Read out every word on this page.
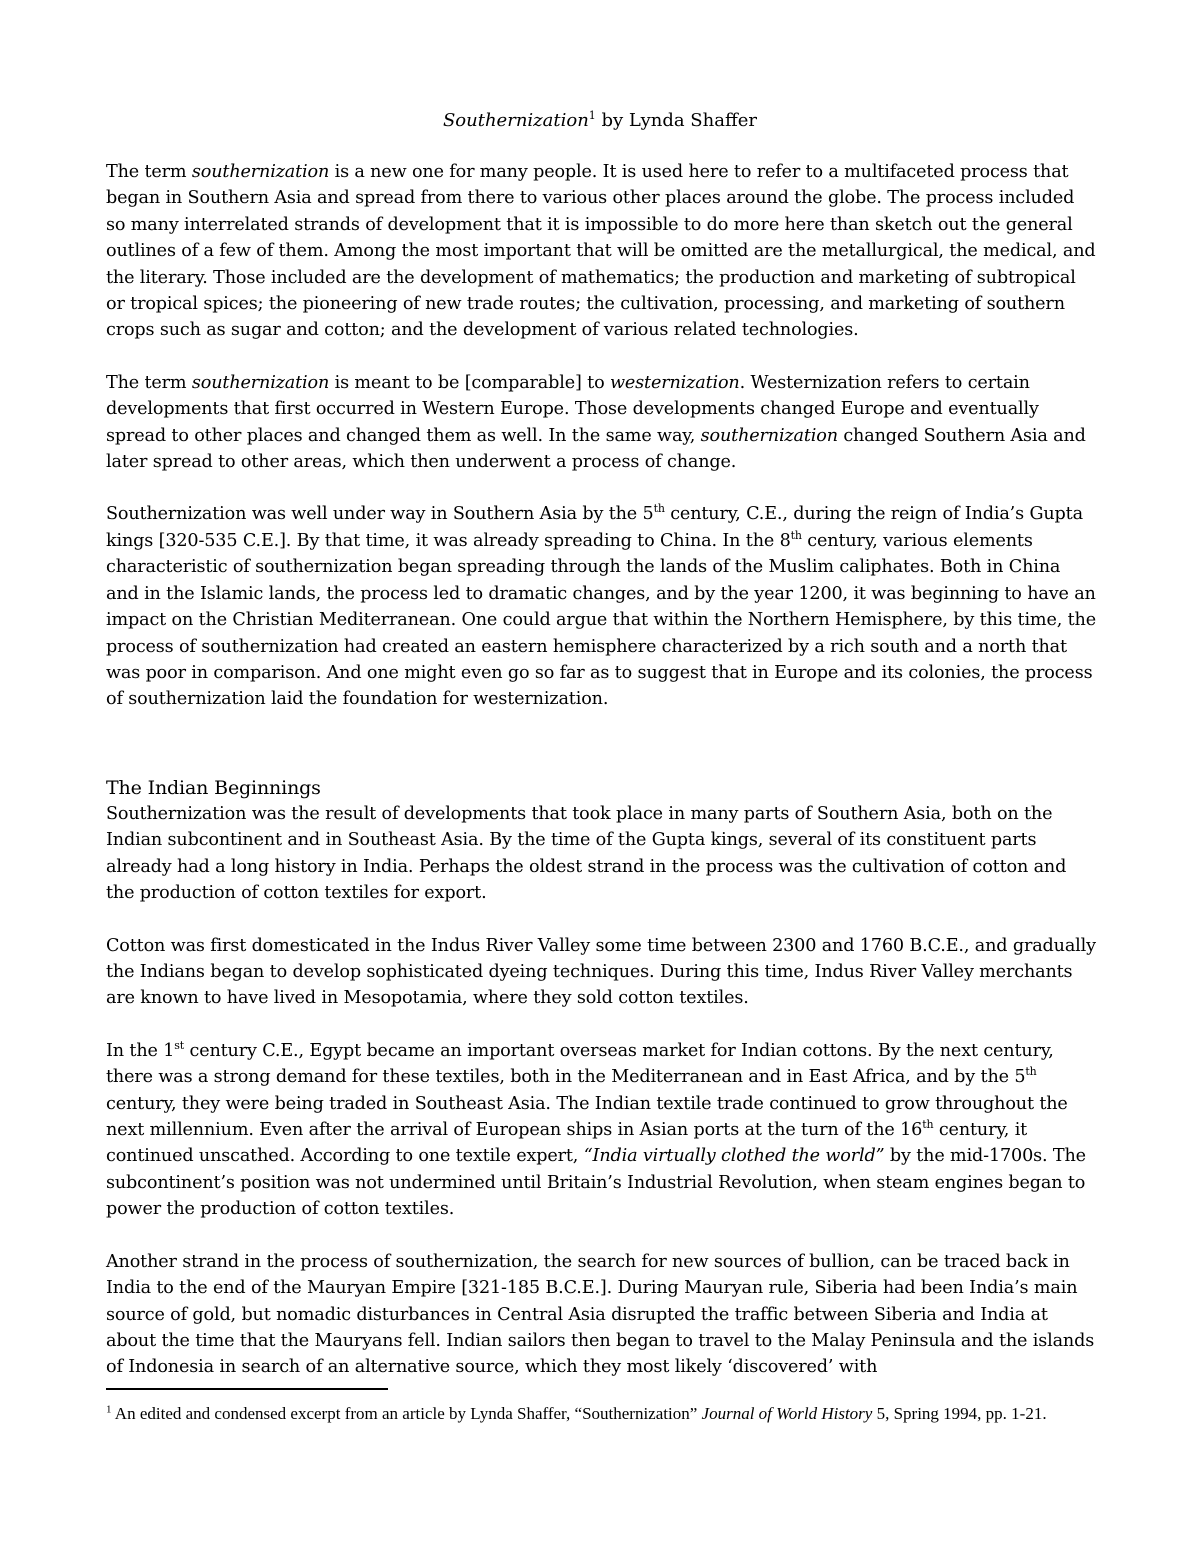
Southernization$^1$ by Lynda Shaffer

The term southernization is a new one for many people. It is used here to refer to a multifaceted process that began in Southern Asia and spread from there to various other places around the globe. The process included so many interrelated strands of development that it is impossible to do more here than sketch out the general outlines of a few of them. Among the most important that will be omitted are the metallurgical, the medical, and the literary. Those included are the development of mathematics; the production and marketing of subtropical or tropical spices; the pioneering of new trade routes; the cultivation, processing, and marketing of southern crops such as sugar and cotton; and the development of various related technologies.

The term southernization is meant to be [comparable] to westernization. Westernization refers to certain developments that first occurred in Western Europe. Those developments changed Europe and eventually spread to other places and changed them as well. In the same way, southernization changed Southern Asia and later spread to other areas, which then underwent a process of change.

Southernization was well under way in Southern Asia by the 5th century, C.E., during the reign of India’s Gupta kings [320-535 C.E.]. By that time, it was already spreading to China. In the 8th century, various elements characteristic of southernization began spreading through the lands of the Muslim caliphates. Both in China and in the Islamic lands, the process led to dramatic changes, and by the year 1200, it was beginning to have an impact on the Christian Mediterranean. One could argue that within the Northern Hemisphere, by this time, the process of southernization had created an eastern hemisphere characterized by a rich south and a north that was poor in comparison. And one might even go so far as to suggest that in Europe and its colonies, the process of southernization laid the foundation for westernization.

The Indian Beginnings

Southernization was the result of developments that took place in many parts of Southern Asia, both on the Indian subcontinent and in Southeast Asia. By the time of the Gupta kings, several of its constituent parts already had a long history in India. Perhaps the oldest strand in the process was the cultivation of cotton and the production of cotton textiles for export.

Cotton was first domesticated in the Indus River Valley some time between 2300 and 1760 B.C.E., and gradually the Indians began to develop sophisticated dyeing techniques. During this time, Indus River Valley merchants are known to have lived in Mesopotamia, where they sold cotton textiles.

In the 1st century C.E., Egypt became an important overseas market for Indian cottons. By the next century, there was a strong demand for these textiles, both in the Mediterranean and in East Africa, and by the 5th century, they were being traded in Southeast Asia. The Indian textile trade continued to grow throughout the next millennium. Even after the arrival of European ships in Asian ports at the turn of the 16th century, it continued unscathed. According to one textile expert, “India virtually clothed the world” by the mid-1700s. The subcontinent’s position was not undermined until Britain’s Industrial Revolution, when steam engines began to power the production of cotton textiles.

Another strand in the process of southernization, the search for new sources of bullion, can be traced back in India to the end of the Mauryan Empire [321-185 B.C.E.]. During Mauryan rule, Siberia had been India’s main source of gold, but nomadic disturbances in Central Asia disrupted the traffic between Siberia and India at about the time that the Mauryans fell. Indian sailors then began to travel to the Malay Peninsula and the islands of Indonesia in search of an alternative source, which they most likely ‘discovered’ with

$^1$ An edited and condensed excerpt from an article by Lynda Shaffer, “Southernization” Journal of World History 5, Spring 1994, pp. 1-21.
